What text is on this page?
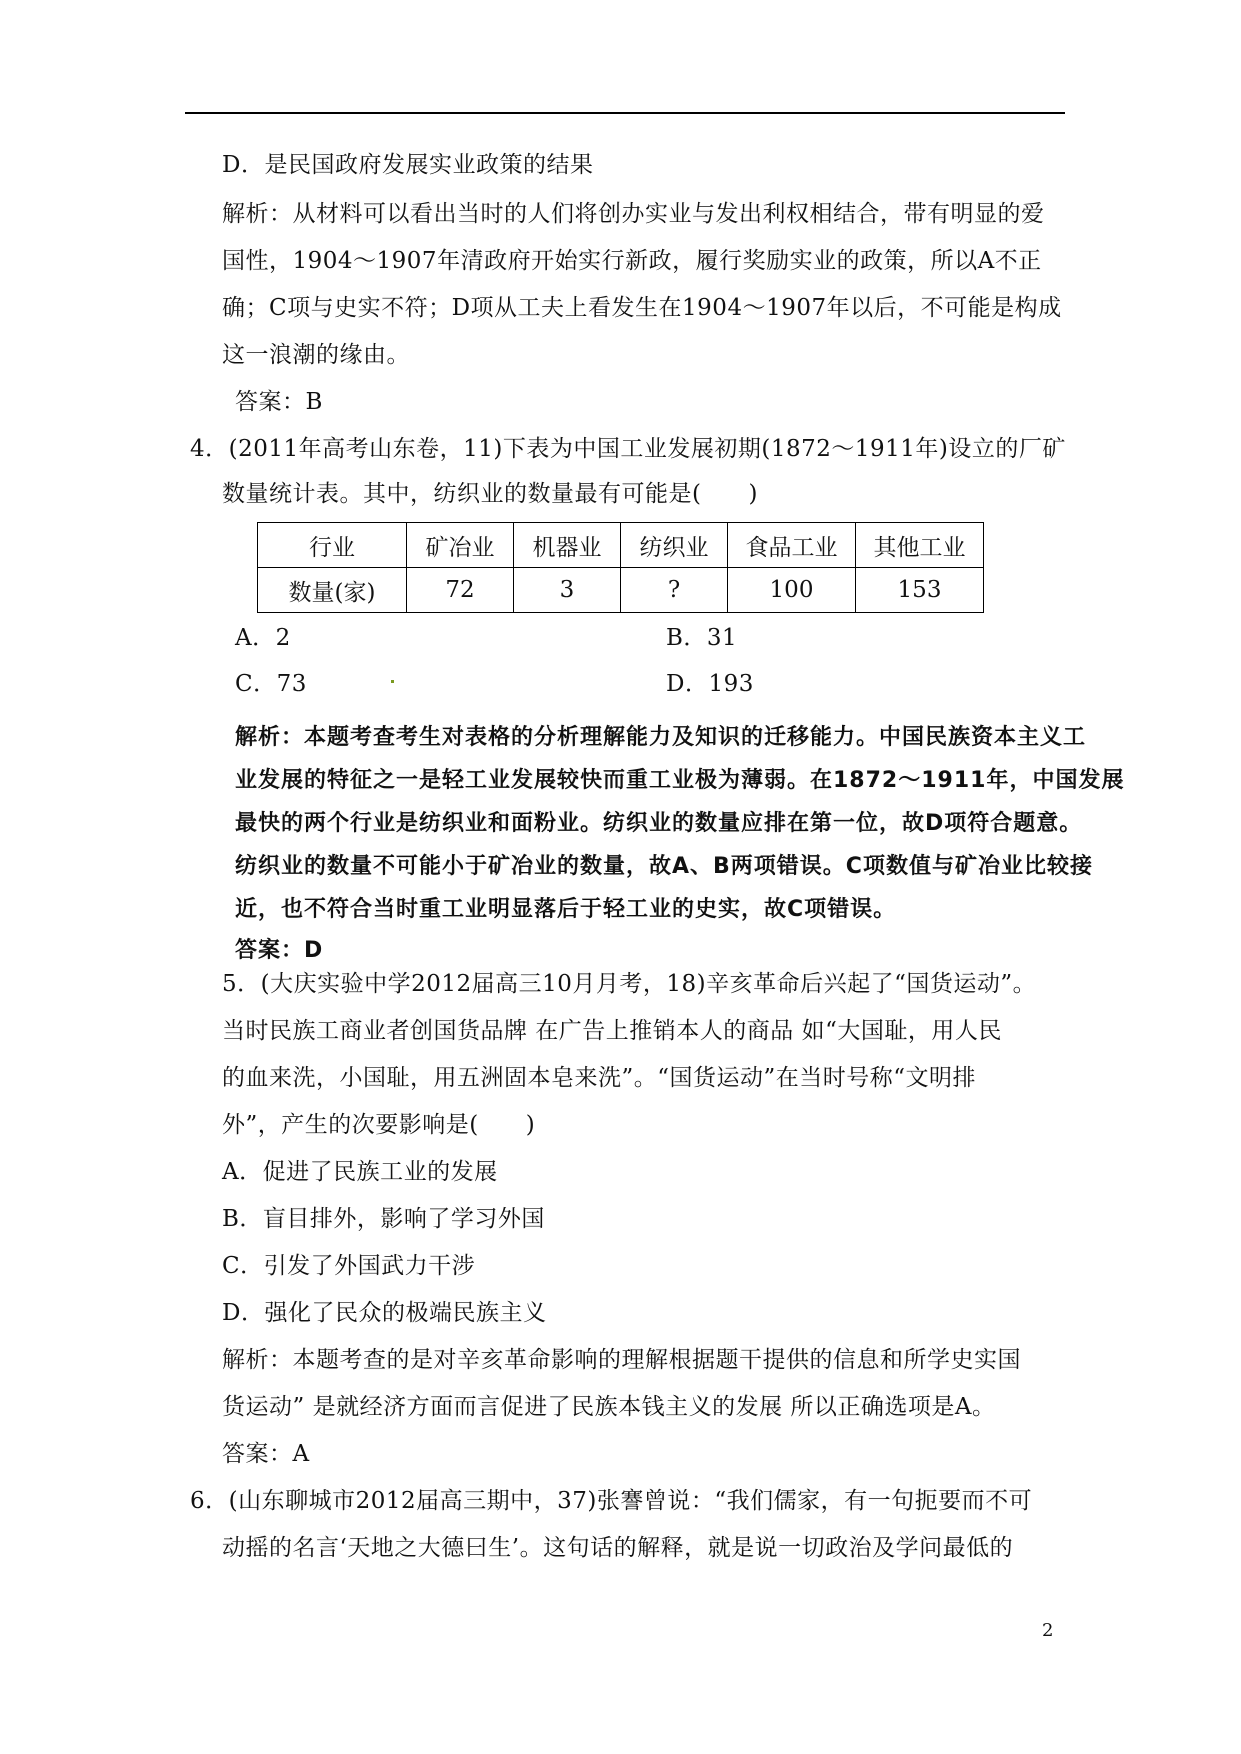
D．是民国政府发展实业政策的结果
解析：从材料可以看出当时的人们将创办实业与发出利权相结合，带有明显的爱
国性，1904～1907年清政府开始实行新政，履行奖励实业的政策，所以A不正
确；C项与史实不符；D项从工夫上看发生在1904～1907年以后，不可能是构成
这一浪潮的缘由。
答案：B
4．(2011年高考山东卷，11)下表为中国工业发展初期(1872～1911年)设立的厂矿
数量统计表。其中，纺织业的数量最有可能是(　　)
行业	矿冶业	机器业	纺织业	食品工业	其他工业
数量(家)	72	3	?	100	153
A．2	B．31
C．73	D．193
解析：本题考查考生对表格的分析理解能力及知识的迁移能力。中国民族资本主义工
业发展的特征之一是轻工业发展较快而重工业极为薄弱。在1872～1911年，中国发展
最快的两个行业是纺织业和面粉业。纺织业的数量应排在第一位，故D项符合题意。
纺织业的数量不可能小于矿冶业的数量，故A、B两项错误。C项数值与矿冶业比较接
近，也不符合当时重工业明显落后于轻工业的史实，故C项错误。
答案：D
5．(大庆实验中学2012届高三10月月考，18)辛亥革命后兴起了“国货运动”。
当时民族工商业者创国货品牌 在广告上推销本人的商品 如“大国耻，用人民
的血来洗，小国耻，用五洲固本皂来洗”。“国货运动”在当时号称“文明排
外”，产生的次要影响是(　　)
A．促进了民族工业的发展
B．盲目排外，影响了学习外国
C．引发了外国武力干涉
D．强化了民众的极端民族主义
解析：本题考查的是对辛亥革命影响的理解根据题干提供的信息和所学史实国
货运动” 是就经济方面而言促进了民族本钱主义的发展 所以正确选项是A。
答案：A
6．(山东聊城市2012届高三期中，37)张謇曾说：“我们儒家，有一句扼要而不可
动摇的名言‘天地之大德曰生’。这句话的解释，就是说一切政治及学问最低的
2
